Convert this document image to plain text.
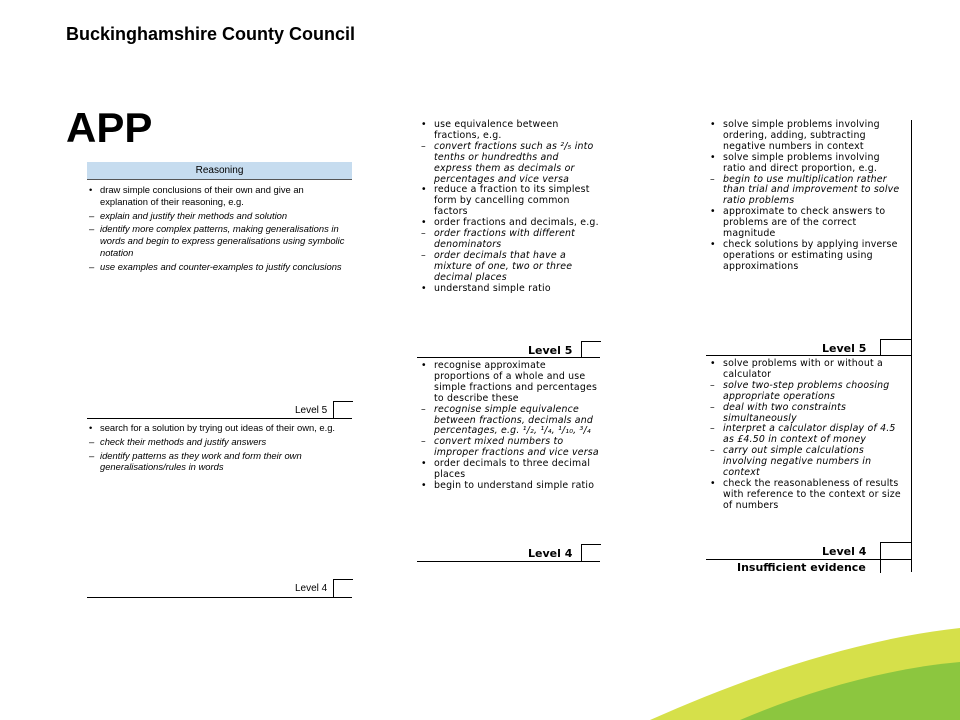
Buckinghamshire County Council
APP
Reasoning
• draw simple conclusions of their own and give an explanation of their reasoning, e.g.
– explain and justify their methods and solution
– identify more complex patterns, making generalisations in words and begin to express generalisations using symbolic notation
– use examples and counter-examples to justify conclusions
Level 5
• search for a solution by trying out ideas of their own, e.g.
– check their methods and justify answers
– identify patterns as they work and form their own generalisations/rules in words
Level 4
• use equivalence between fractions, e.g.
– convert fractions such as ²/₅ into tenths or hundredths and express them as decimals or percentages and vice versa
• reduce a fraction to its simplest form by cancelling common factors
• order fractions and decimals, e.g.
– order fractions with different denominators
– order decimals that have a mixture of one, two or three decimal places
• understand simple ratio
Level 5
• recognise approximate proportions of a whole and use simple fractions and percentages to describe these
– recognise simple equivalence between fractions, decimals and percentages, e.g. ¹/₂, ¹/₄, ¹/₁₀, ³/₄
– convert mixed numbers to improper fractions and vice versa
• order decimals to three decimal places
• begin to understand simple ratio
Level 4
• solve simple problems involving ordering, adding, subtracting negative numbers in context
• solve simple problems involving ratio and direct proportion, e.g.
– begin to use multiplication rather than trial and improvement to solve ratio problems
• approximate to check answers to problems are of the correct magnitude
• check solutions by applying inverse operations or estimating using approximations
Level 5
• solve problems with or without a calculator
– solve two-step problems choosing appropriate operations
– deal with two constraints simultaneously
– interpret a calculator display of 4.5 as £4.50 in context of money
– carry out simple calculations involving negative numbers in context
• check the reasonableness of results with reference to the context or size of numbers
Level 4
Insufficient evidence
